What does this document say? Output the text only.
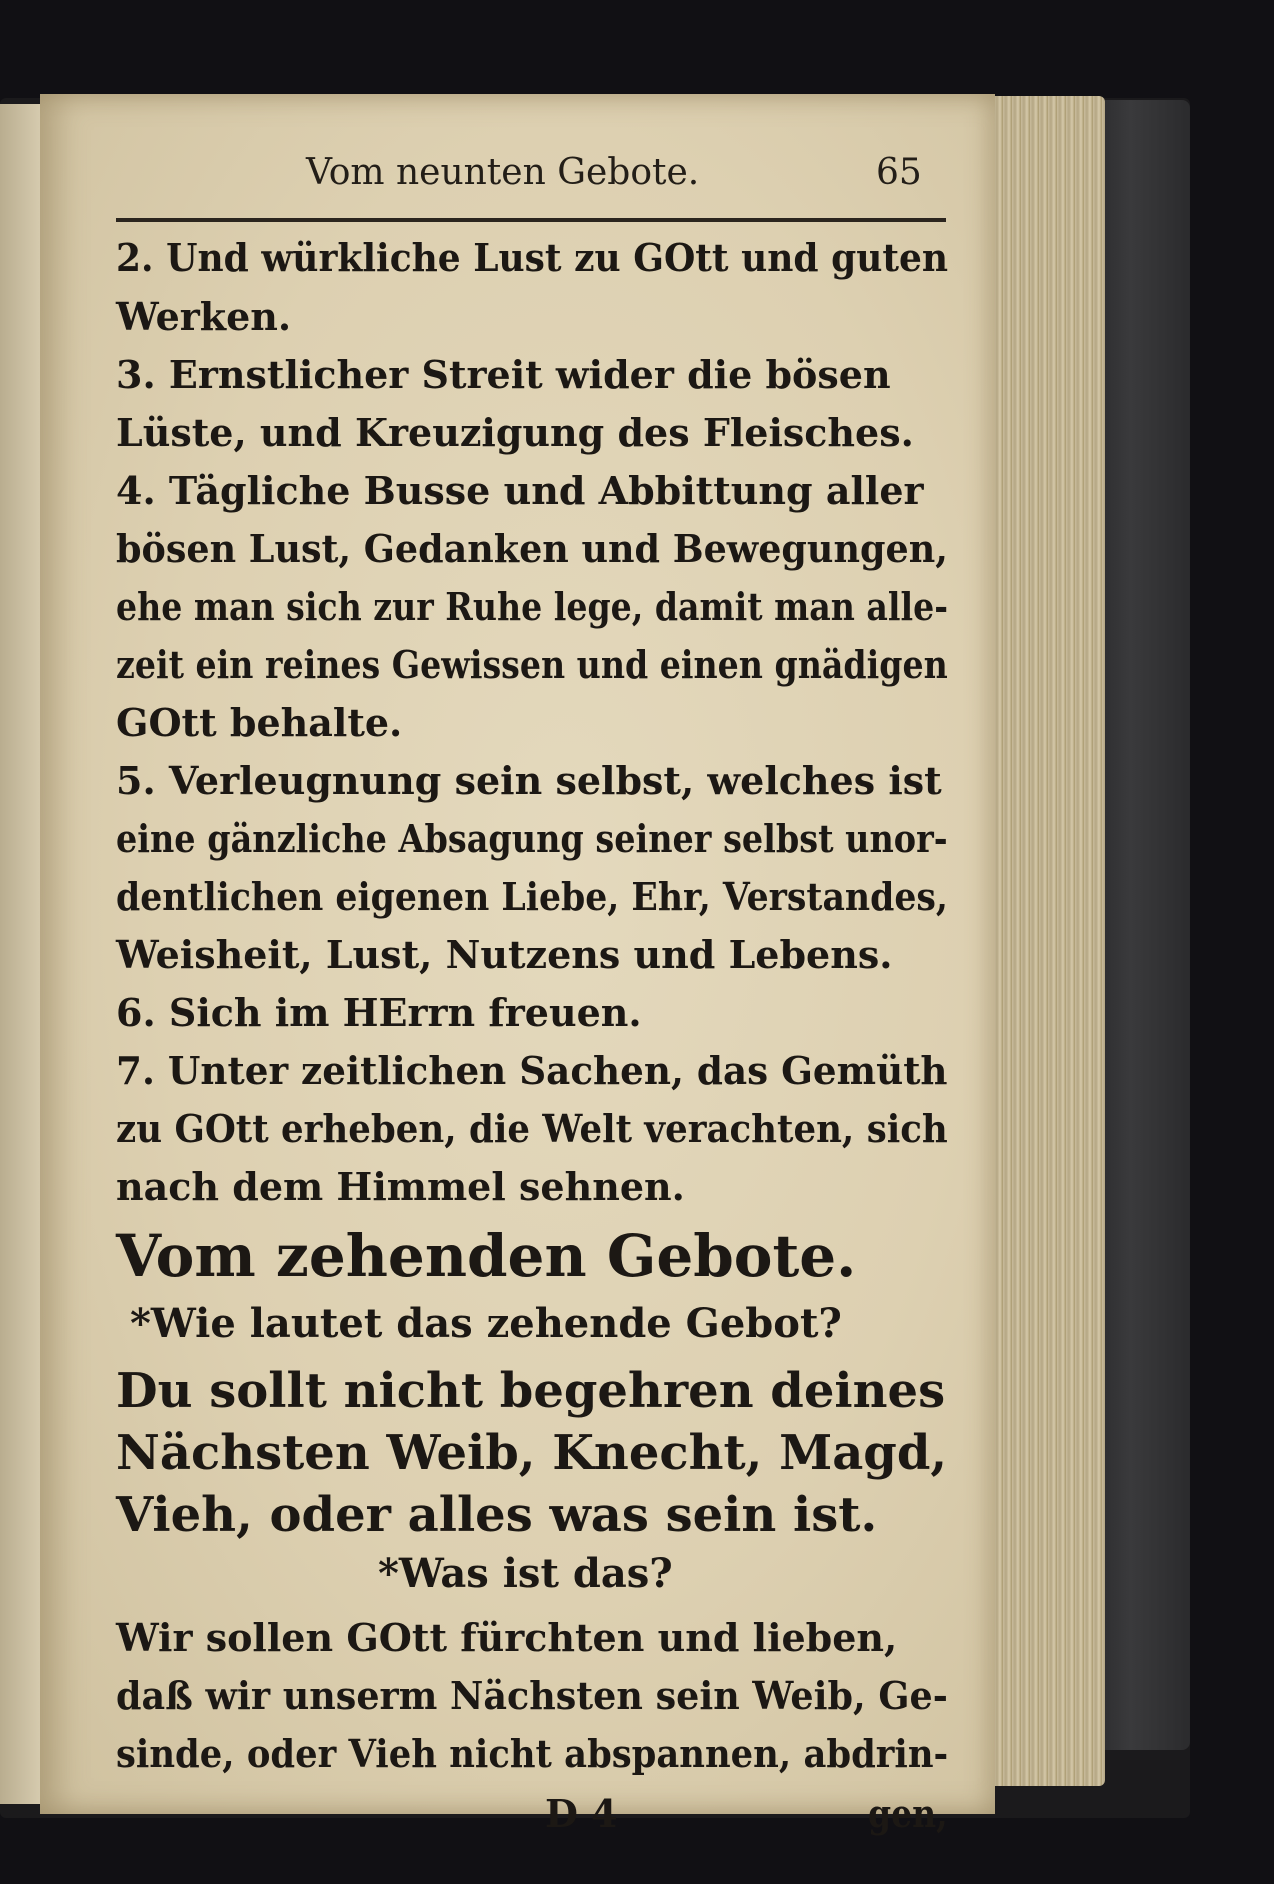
Vom neunten Gebote.	65
2. Und würkliche Lust zu GOtt und guten
Werken.
3. Ernstlicher Streit wider die bösen
Lüste, und Kreuzigung des Fleisches.
4. Tägliche Busse und Abbittung aller
bösen Lust, Gedanken und Bewegungen,
ehe man sich zur Ruhe lege, damit man alle-
zeit ein reines Gewissen und einen gnädigen
GOtt behalte.
5. Verleugnung sein selbst, welches ist
eine gänzliche Absagung seiner selbst unor-
dentlichen eigenen Liebe, Ehr, Verstandes,
Weisheit, Lust, Nutzens und Lebens.
6. Sich im HErrn freuen.
7. Unter zeitlichen Sachen, das Gemüth
zu GOtt erheben, die Welt verachten, sich
nach dem Himmel sehnen.
Vom zehenden Gebote.
*Wie lautet das zehende Gebot?
Du sollt nicht begehren deines
Nächsten Weib, Knecht, Magd,
Vieh, oder alles was sein ist.
*Was ist das?
Wir sollen GOtt fürchten und lieben,
daß wir unserm Nächsten sein Weib, Ge-
sinde, oder Vieh nicht abspannen, abdrin-
D 4	gen,
